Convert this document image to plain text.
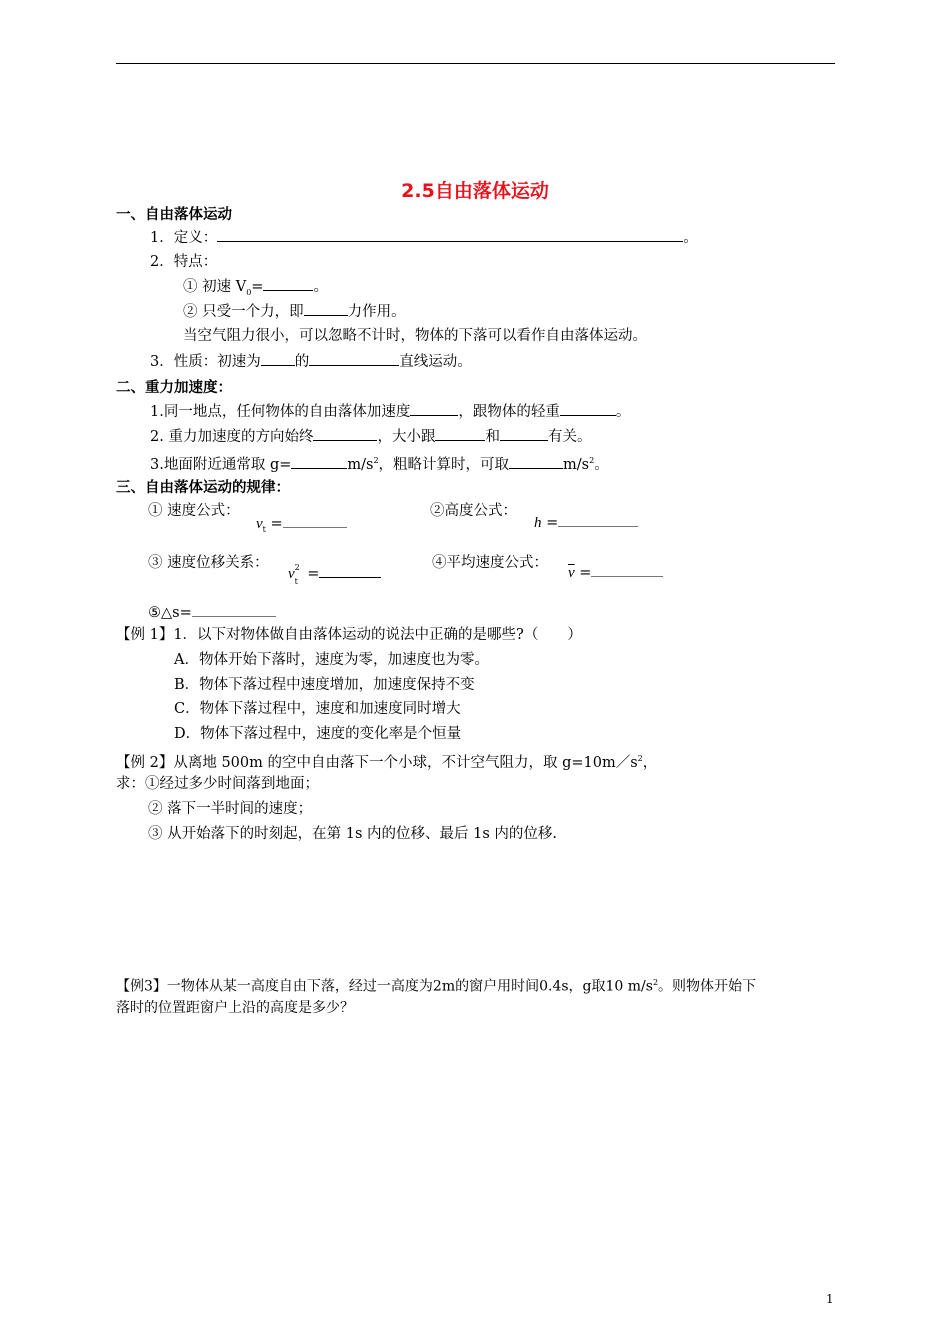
2.5自由落体运动
一、自由落体运动
1．定义：	。
2．特点：
① 初速 $V_0=$	。
② 只受一个力，即	力作用。
当空气阻力很小，可以忽略不计时，物体的下落可以看作自由落体运动。
3．性质：初速为 的	直线运动。
二、重力加速度：
1.同一地点，任何物体的自由落体加速度	，跟物体的轻重	。
2. 重力加速度的方向始终	，大小跟	和	有关。
3.地面附近通常取 g=	$m/s^2$，粗略计算时，可取	$m/s^2$。
三、自由落体运动的规律：
① 速度公式：
$v_t$ =
②高度公式：
h =
③ 速度位移关系：
v 2
t =
④平均速度公式：
$\overline{v}$ =
⑤△s=
【例 1】1．以下对物体做自由落体运动的说法中正确的是哪些?（　　）
A．物体开始下落时，速度为零，加速度也为零。
B．物体下落过程中速度增加，加速度保持不变
C．物体下落过程中，速度和加速度同时增大
D．物体下落过程中，速度的变化率是个恒量
【例 2】从离地 500m 的空中自由落下一个小球，不计空气阻力，取 $g=10m/s^2$，
求：①经过多少时间落到地面；
② 落下一半时间的速度；
③ 从开始落下的时刻起，在第 1s 内的位移、最后 1s 内的位移.
【例3】一物体从某一高度自由下落，经过一高度为2m的窗户用时间0.4s，g取10 $m/s^2$。则物体开始下
落时的位置距窗户上沿的高度是多少？
1
